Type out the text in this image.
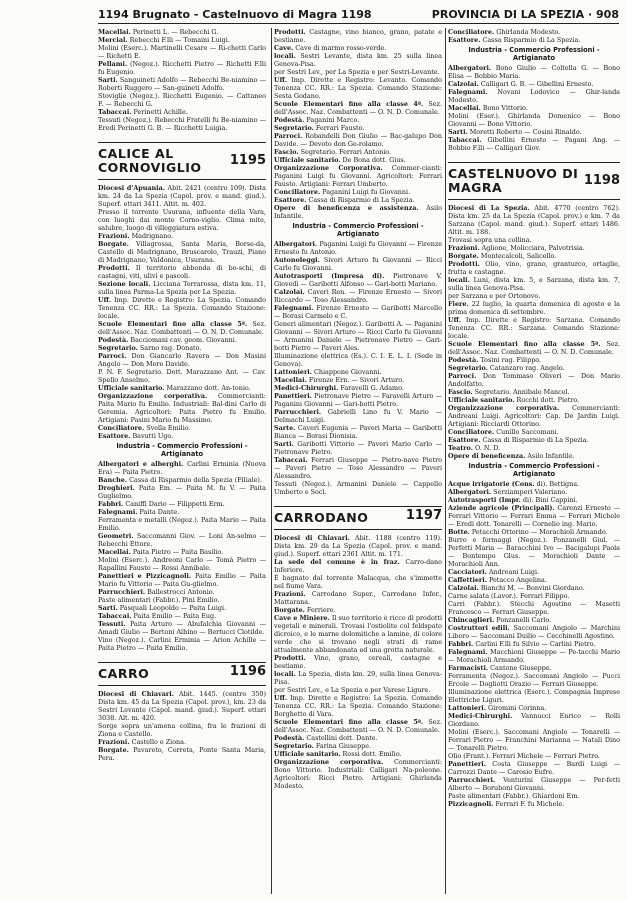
1194 Brugnato - Castelnuovo di Magra 1198	PROVINCIA DI LA SPEZIA · 908

Macellai. Perinetti L. — Rebecchi G.

Mercial. Rebecchi F.lli — Tomaini Luigi.

Molini (Eserc.). Martinelli Cesare — Ri-chetti Carlo — Richetti E.

Pellami. (Negoz.). Ricchetti Pietro — Richetti F.lli fu Eugenio.

Sarti. Sanguineti Adolfo — Rebecchi Be-niamino — Roberti Ruggero — San-guineti Adolfo.

Stoviglie (Negoz.). Ricchetti Eugenio. — Cattaneo F. — Rebecchi G.

Tabaccai. Perinetti Achille.

Tessuti (Negoz.). Rebecchi Fratelli fu Be-niamino — Eredi Perinetti G. B. — Ricchetti Luigia.

CALICE AL CORNOVIGLIO	1195

Diocesi d'Apuania. Abit. 2421 (centro 109). Dista km. 24 da La Spezia (Capol. prov. e mand. giud.). Superf. ettari 3411. Altit. m. 402.

Presso il torrente Usurana, influente della Vara, con luoghi dai monte Corno-viglio. Clima mite, salubre, luogo di villeggiatura estiva.

Frazioni. Madrignano.

Borgate. Villagrossa, Santa Maria, Borse-da, Castello di Madrignano, Bruscarolo, Trauzi, Piano di Madrignano, Valdonica, Usurana.

Prodotti. Il territorio abbonda di bo-schi, di castagni, viti, ulivi e pascoli.

Sezione locali. Licciana Terrarossa, dista km. 11, sulla linea Parma-La Spezia per La Spezia.

Uff. Imp. Dirette e Registro: La Spezia. Comando Tenenza CC. RR.: La Spezia. Comando Stazione: locale.

Scuole Elementari fino alla classe 5ª. Sez. dell'Assoc. Naz. Combattenti — O. N. D. Comunale.

Podestà. Bacciomani cav. geom. Giovanni.

Segretario. Sarno rag. Donato.

Parroci. Don Giancarlo Ravera — Don Masini Angelo — Don More Davide.

P. N. F. Segretario. Dott. Marazzano Ant. — Cav. Spello Anselmo.

Ufficiale sanitario. Marazzano dott. An-tonio.

Organizzazione corporativa. Commercianti: Paita Mario fu Emilio. Industriali: Bal-dini Carlo di Geremia. Agricoltori: Paita Pietro fu Emilio. Artigiani: Pasini Mario fu Massimo.

Conciliatore. Svella Emilio.

Esattore. Bavutti Ugo.

Industria - Commercio Professioni - Artigianato

Albergatori e alberghi. Carlini Erminia (Nuova Era) — Paita Pietro.

Banche. Cassa di Risparmio della Spezia (Filiale).

Droghieri. Paita Em. — Paita M. fu V. — Paita Guglielmo.

Fabbri. Caniffi Dario — Filippetti Erm.

Falegnami. Paita Dante.

Ferramenta e metalli (Negoz.). Paita Mario — Paita Emilio.

Geometri. Saccomanni Giov. — Loni An-selmo — Rebecchi Ettore.

Macellai. Paita Pietro — Paita Basilio.

Molini (Eserc.). Andreoni Carlo — Tomà Pietro — Rapallini Fausto — Rossi Annibale.

Panettieri e Pizzicagnoli. Paita Emilio — Paita Mario fu Vittorio — Paita Gu-glielmo.

Parrucchieri. Ballestrocci Antonio.

Paste alimentari (Fabbr.). Pini Emilio.

Sarti. Pasquali Leopoldo — Paita Luigi.

Tabaccai. Paita Emilio — Paita Eug.

Tessuti. Paita Arturo — Abufalchia Giovanni — Amadi Giulio — Bertoni Albino — Bertucci Clotilde.

Vino (Negoz.). Carlini Erminia — Arion Achille — Paita Pietro — Paita Emilio.

CARRO	1196

Diocesi di Chiavari. Abit. 1445. (centro 350) Dista km. 45 da La Spezia (Capol. prov.), km. 23 da Sestri Levante (Capol. mand. giud.). Superf. ettari 3038. Alt. m. 420.

Sorge sopra un'amena collina, fra le frazioni di Ziona e Castello.

Frazioni. Castello e Ziona.

Borgate. Pavareto, Cerreta, Ponte Santa Maria, Pera.

Prodotti. Castagne, vino bianco, grano, patate e bestiame.

Cave. Cave di marmo rosso-verde.

locali. Sestri Levante, dista km. 25 sulla linea Genova-Pisa.

per Sestri Lev., per La Spezia e per Sestri-Levante.

Uff. Imp. Dirette e Registro: Levanto. Comando Tenenza CC. RR.: La Spezia. Comando Stazione: Sesta Godano.

Scuole Elementari fino alla classe 4ª. Sez. dell'Assoc. Naz. Combattenti — O. N. D. Comunale.

Podestà. Paganini Marco.

Segretario. Ferrari Fausto.

Parroci. Robandelli Don Giulio — Bac-galupo Don Davide. — Devoto don Ge-rolamo.

Fascio. Segretario. Ferrari Antonio.

Ufficiale sanitario. De Bona dott. Gius.

Organizzazione Corporativa. Commer-cianti: Paganini Luigi fu Giovanni. Agricoltori: Ferrari Fausto. Artigiani: Ferrari Umberto.

Conciliatore. Paganini Luigi fu Giovanni.

Esattore. Cassa di Risparmio di La Spezia.

Opere di beneficenza e assistenza. Asilo Infantile.

Industria - Commercio Professioni - Artigianato

Albergatori. Paganini Luigi fu Giovanni — Firenze Ernesto fu Antonio.

Autonoleggi. Sivori Arturo fu Giovanni — Ricci Carlo fu Giovanni.

Autotrasporti (Impresa di). Pietronave V. Giovedì — Garibotti Alfonso — Gari-botti Mariano.

Calzolai. Caveri Ren. — Firenze Ernesto — Sivori Riccardo — Toso Alessandro.

Falegnami. Firenze Ernesto — Garibotti Marcello — Borasi Carmelo e C.

Generi alimentari (Negoz.). Garibotti A. — Paganini Giovanni — Sivori Arturo — Ricci Carlo fu Giovanni — Armanini Daniele — Pietronave Pietro — Gari-botti Pietro — Paveri Ales.

Illuminazione elettrica (Es.). C. I. E. L. I. (Sede in Genova).

Lattonieri. Chiappone Giovanni.

Macellai. Firenze Ern. — Sivori Arturo.

Medici-Chirurghi. Faravelli G. Adamo.

Panettieri. Pietronave Pietro — Faravelli Arturo — Paganini Giovanni — Gari-botti Pietro.

Parrucchieri. Gabrielli Lino fu V. Mario — Delmachi Luigi.

Sarte. Caveri Eugenia — Paveri Maria — Garibotti Bianca — Borasi Dionisia.

Sarti. Garibotti Vittorio — Paveri Mario Carlo — Pietronave Pietro.

Tabaccai. Ferrari Giuseppe — Pietro-nave Pietro — Paveri Pietro — Toso Alessandro — Paveri Alessandro.

Tessuti (Negoz.). Armanini Daniele — Cappello Umberto e Socl.

CARRODANO	1197

Diocesi di Chiavari. Abit. 1188 (centro 119). Dista km. 29 da La Spezia (Capol. prov. e mand. giud.). Superf. ettari 2361 Altit. m. 171.

La sede del comune è in fraz. Carro-dano Inferiore.

È bagnato dal torrente Malacqua, che s'immette nel fiume Vara.

Frazioni. Carrodano Super., Carrodano Infer., Mattarana.

Borgate. Ferriere.

Cave e Miniere. Il suo territorio è ricco di prodotti vegetali e minerali. Trovasi l'ostiolite col feldspato dicroico, e le marne dolomitiche a lamine, di colore verde che si trovano negli strati di rame attualmente abbandonata ed una grotta naturale.

Prodotti. Vino, grano, cereali, castagne e bestiame.

locali. La Spezia, dista km. 29, sulla linea Genova-Pisa.

per Sestri Lev., e La Spezia e per Varese Ligure.

Uff. Imp. Dirette e Registro: La Spezia. Comando Tenenza CC. RR.: La Spezia. Comando Stazione: Borghetto di Vara.

Scuole Elementari fino alla classe 5ª. Sez. dell'Assoc. Naz. Combattenti — O. N. D. Comunale.

Podestà. Castellini dott. Dante.

Segretario. Farina Giuseppe.

Ufficiale sanitario. Rossi dott. Emilio.

Organizzazione corporativa. Commercianti: Bono Vittorio. Industriali: Calligari Na-poleone. Agricoltori: Ricci Pietro. Artigiani: Ghirlanda Modesto.

Conciliatore. Ghirlanda Modesto.

Esattore. Cassa Risparmio di La Spezia.

Industria - Commercio Professioni - Artigianato

Albergatori. Bono Giulio — Coltella G. — Bono Elisa — Bobbio Maria.

Calzolai. Calligari G. B. — Gibellini Ernesto.

Falegnami. Novani Lodovico — Ghir-landa Modesto.

Macellai. Bono Vittorio.

Molini (Eser.). Ghirlanda Domenico — Bono Giovanni — Bono Vittorio.

Sarti. Moretti Roberto — Cosini Rinaldo.

Tabaccai. Gibellini Ernesto — Pagani Ang. — Bobbio F.lli — Calligari Giov.

CASTELNUOVO DI MAGRA	1198

Diocesi di La Spezia. Abit. 4770 (centro 762). Dista km. 25 da La Spezia (Capol. prov.) e km. 7 da Sarzana (Capol. mand. giud.). Superf. ettari 1486. Altit. m. 188.

Trovasi sopra una collina.

Frazioni. Aglione, Molicciara, Palvotrisia.

Borgate. Montecalcoli, Salicello.

Prodotti. Olio, vino, grano, granturco, ortaglie, frutta e castagne.

locali. Luni, dista km. 5, e Sarzana, dista km. 7, sulla linea Genova-Pisa.

per Sarzana e per Ortonovo.

Fiere. 22 luglio, la quarta domenica di agosto e la prima domenica di settembre.

Uff. Imp. Dirette e Registro: Sarzana. Comando Tenenza CC. RR.: Sarzana. Comando Stazione: locale.

Scuole Elementari fino alla classe 5ª. Sez. dell'Assoc. Naz. Combattenti — O. N. D. Comunale.

Podestà. Tosini rag. Filippo.

Segretario. Catanzaro rag. Angelo.

Parroci. Don Tommaso Oliveri — Don Mario Andolfatto.

Fascio. Segretario. Annibale Mancel.

Ufficiale sanitario. Rocchi dott. Pietro.

Organizzazione corporativa. Commercianti: Andreani Luigi. Agricoltori: Cap. De Jardin Luigi. Artigiani: Ricciardi Ottorino.

Conciliatore. Cunillo Saccomani.

Esattore. Cassa di Risparmio di La Spezia.

Teatro. O. N. D.

Opere di beneficenza. Asilo Infantile.

Industria - Commercio Professioni - Artigianato

Acque irrigatorie (Cons. di). Bettigna.

Albergatori. Serziamperi Valeriano.

Autotrasporti (Impr. di). Bini Cappini.

Aziende agricole (Principali). Carenzi Ernesto — Ferrari Vittorio — Ferrari Emma — Ferrari Michele — Eredi dott. Tonarelli — Cornelio ing. Mario.

Botte. Petacchi Ottorino — Morachioli Armando.

Burro e formaggi (Negoz.). Ponzanelli Giul. — Perfetti Maria — Baracchini Ivo — Bacigalupi Paola — Bontempo Glus. — Morachioli Dante — Morachioli Ann.

Cacciatori. Andreani Luigi.

Caffettieri. Petacco Angelina.

Calzolai. Bianchi M. — Bonvini Giordano.

Carne salata (Lavor.). Ferrari Filippo.

Carri (Fabbr.). Stecchi Agostino — Masetti Francesco — Ferrari Giuseppe.

Chincaglieri. Ponzanelli Carlo.

Costruttori edili. Saccomani Angiolo — Marchini Libero — Saccomani Duilio — Cecchinelli Agostino.

Fabbri. Carlini F.lli fu Silvio — Carlini Pietro.

Falegnami. Macchioni Giuseppe — Pe-tacchi Mario — Morachioli Armando.

Farmacisti. Cantone Giuseppe.

Ferramenta (Negoz.). Saccomani Angiolo — Pucci Ercole — Dogliotti Orazio — Ferrari Giuseppe.

Illuminazione elettrica (Eserc.). Compagnia Imprese Elettriche Liguri.

Lattonieri. Giromini Corinna.

Medici-Chirurghi. Vannucci Enrico — Rolli Giordano.

Molini (Eserc.). Saccomani Angiolo — Tonarelli — Ferrari Pietro — Franchini Marianna — Natali Dino — Tonarelli Pietro.

Olio (Frant.). Ferrari Michele — Ferrari Pietro.

Panettieri. Costa Giuseppe — Bardi Luigi — Carrozzi Dante — Carosio Eufre.

Parrucchieri. Venturini Giuseppe — Per-fetti Alberto — Boruboni Giovanni.

Paste alimentari (Fabbr.). Ghiardoni Em.

Pizzicagnoli. Ferrari F. fu Michele.
